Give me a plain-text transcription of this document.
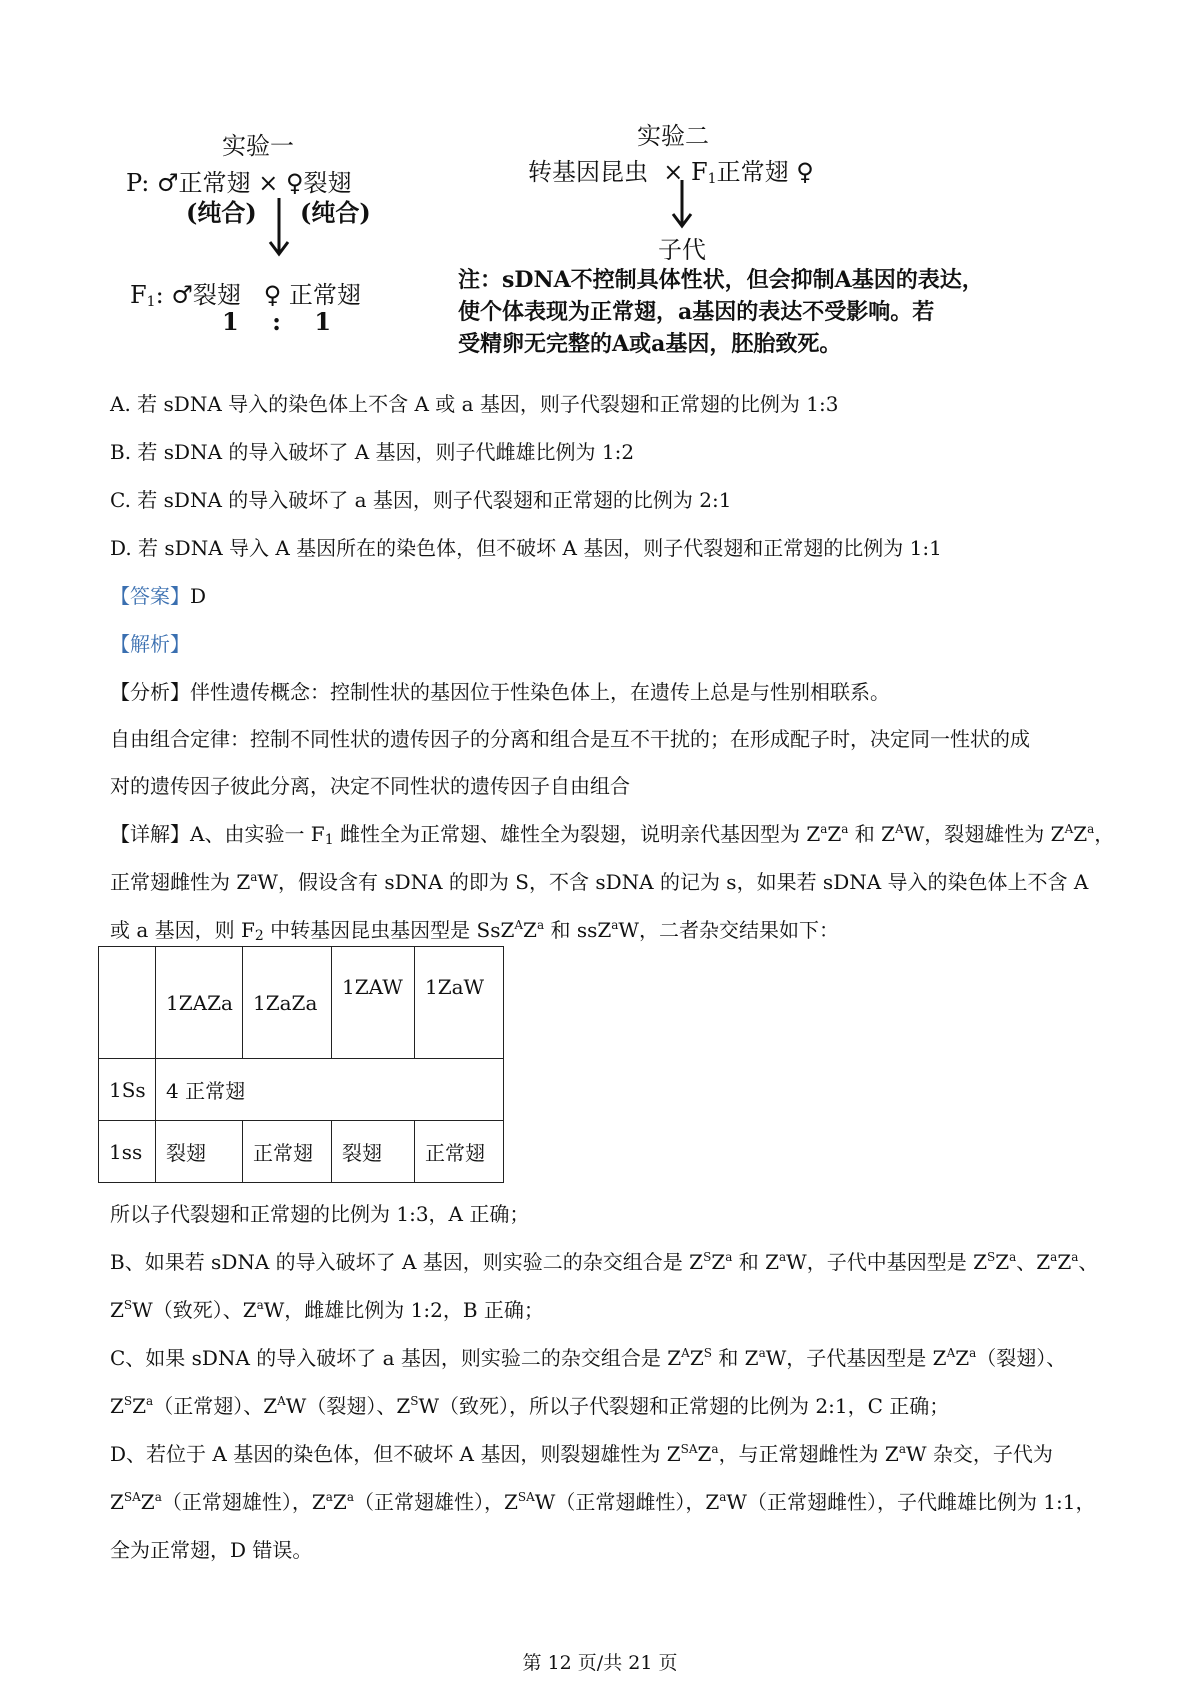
实验一
P: ♂正常翅 × ♀裂翅
(纯合) (纯合)
$F_1$: ♂裂翅 ♀ 正常翅
1 : 1
实验二
转基因昆虫 × $F_1$正常翅 ♀
子代
注：sDNA不控制具体性状，但会抑制A基因的表达，
使个体表现为正常翅，a基因的表达不受影响。若
受精卵无完整的A或a基因，胚胎致死。
A. 若 sDNA 导入的染色体上不含 A 或 a 基因，则子代裂翅和正常翅的比例为 1:3
B. 若 sDNA 的导入破坏了 A 基因，则子代雌雄比例为 1:2
C. 若 sDNA 的导入破坏了 a 基因，则子代裂翅和正常翅的比例为 2:1
D. 若 sDNA 导入 A 基因所在的染色体，但不破坏 A 基因，则子代裂翅和正常翅的比例为 1:1
【答案】D
【解析】
【分析】伴性遗传概念：控制性状的基因位于性染色体上，在遗传上总是与性别相联系。
自由组合定律：控制不同性状的遗传因子的分离和组合是互不干扰的；在形成配子时，决定同一性状的成
对的遗传因子彼此分离，决定不同性状的遗传因子自由组合
【详解】A、由实验一 $F_1$ 雌性全为正常翅、雄性全为裂翅，说明亲代基因型为 $Z^aZ^a$ 和 $Z^AW$，裂翅雄性为 $Z^AZ^a$，
正常翅雌性为 $Z^aW$，假设含有 sDNA 的即为 S，不含 sDNA 的记为 s，如果若 sDNA 导入的染色体上不含 A
或 a 基因，则 $F_2$ 中转基因昆虫基因型是 $SsZ^AZ^a$ 和 ssZ$^a$W，二者杂交结果如下：
	1ZAZa	1ZaZa	1ZAW	1ZaW
1Ss	4 正常翅			
1ss	裂翅	正常翅	裂翅	正常翅
所以子代裂翅和正常翅的比例为 1:3，A 正确；
B、如果若 sDNA 的导入破坏了 A 基因，则实验二的杂交组合是 $Z^SZ^a$ 和 $Z^aW$，子代中基因型是 $Z^SZ^a$、$Z^aZ^a$、
$Z^SW$（致死）、$Z^aW$，雌雄比例为 1:2，B 正确；
C、如果 sDNA 的导入破坏了 a 基因，则实验二的杂交组合是 $Z^AZ^S$ 和 $Z^aW$，子代基因型是 $Z^AZ^a$（裂翅）、
$Z^SZ^a$（正常翅）、$Z^AW$（裂翅）、$Z^SW$（致死），所以子代裂翅和正常翅的比例为 2:1，C 正确；
D、若位于 A 基因的染色体，但不破坏 A 基因，则裂翅雄性为 $Z^{SA}Z^a$，与正常翅雌性为 $Z^aW$ 杂交，子代为
$Z^{SA}Z^a$（正常翅雄性），$Z^aZ^a$（正常翅雄性），$Z^{SA}W$（正常翅雌性），$Z^aW$（正常翅雌性），子代雌雄比例为 1:1，
全为正常翅，D 错误。
第 12 页/共 21 页
